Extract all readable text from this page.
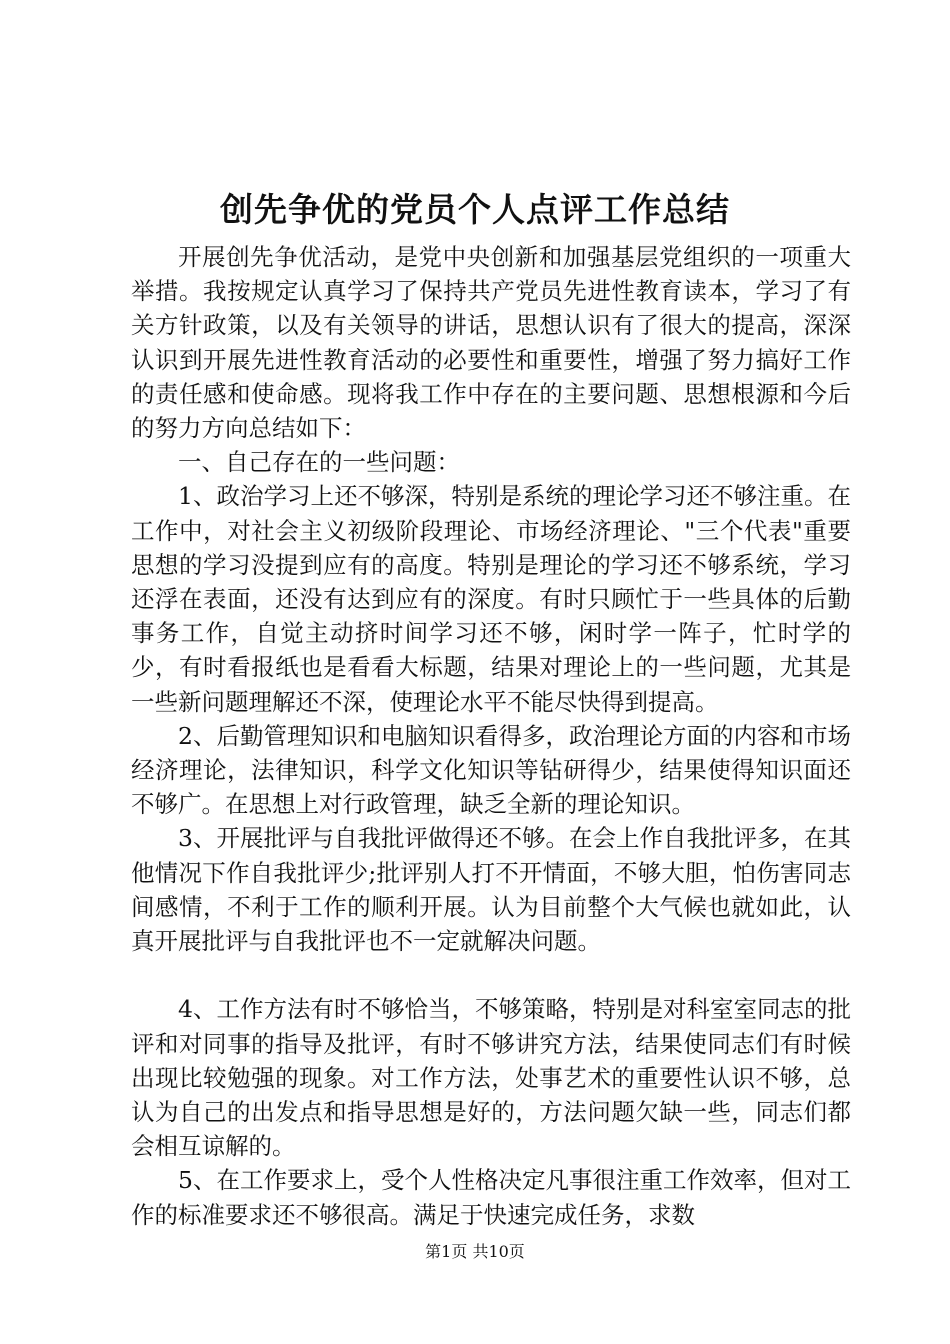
创先争优的党员个人点评工作总结

开展创先争优活动，是党中央创新和加强基层党组织的一项重大举措。我按规定认真学习了保持共产党员先进性教育读本，学习了有关方针政策，以及有关领导的讲话，思想认识有了很大的提高，深深认识到开展先进性教育活动的必要性和重要性，增强了努力搞好工作的责任感和使命感。现将我工作中存在的主要问题、思想根源和今后的努力方向总结如下：

一、自己存在的一些问题：

1、政治学习上还不够深，特别是系统的理论学习还不够注重。在工作中，对社会主义初级阶段理论、市场经济理论、"三个代表"重要思想的学习没提到应有的高度。特别是理论的学习还不够系统，学习还浮在表面，还没有达到应有的深度。有时只顾忙于一些具体的后勤事务工作，自觉主动挤时间学习还不够，闲时学一阵子，忙时学的少，有时看报纸也是看看大标题，结果对理论上的一些问题，尤其是一些新问题理解还不深，使理论水平不能尽快得到提高。

2、后勤管理知识和电脑知识看得多，政治理论方面的内容和市场经济理论，法律知识，科学文化知识等钻研得少，结果使得知识面还不够广。在思想上对行政管理，缺乏全新的理论知识。

3、开展批评与自我批评做得还不够。在会上作自我批评多，在其他情况下作自我批评少;批评别人打不开情面，不够大胆，怕伤害同志间感情，不利于工作的顺利开展。认为目前整个大气候也就如此，认真开展批评与自我批评也不一定就解决问题。

4、工作方法有时不够恰当，不够策略，特别是对科室室同志的批评和对同事的指导及批评，有时不够讲究方法，结果使同志们有时候出现比较勉强的现象。对工作方法，处事艺术的重要性认识不够，总认为自己的出发点和指导思想是好的，方法问题欠缺一些，同志们都会相互谅解的。

5、在工作要求上，受个人性格决定凡事很注重工作效率，但对工作的标准要求还不够很高。满足于快速完成任务，求数

第1页 共10页
